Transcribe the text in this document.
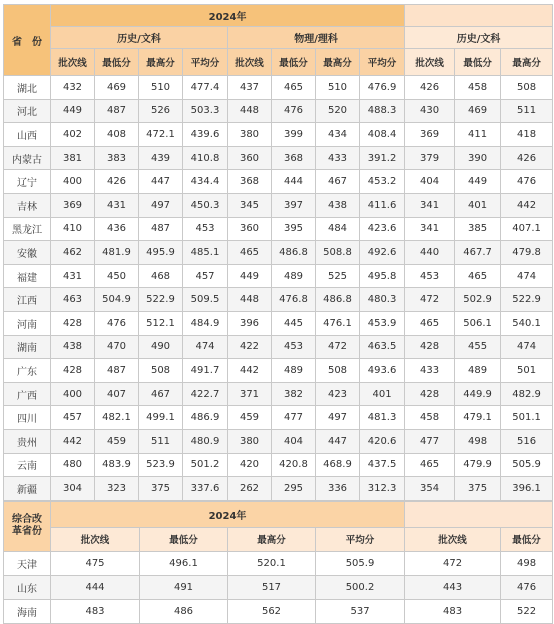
省　份	2024年										
	历史/文科				物理/理科				历史/文科		
	批次线	最低分	最高分	平均分	批次线	最低分	最高分	平均分	批次线	最低分	最高分
湖北	432	469	510	477.4	437	465	510	476.9	426	458	508
河北	449	487	526	503.3	448	476	520	488.3	430	469	511
山西	402	408	472.1	439.6	380	399	434	408.4	369	411	418
内蒙古	381	383	439	410.8	360	368	433	391.2	379	390	426
辽宁	400	426	447	434.4	368	444	467	453.2	404	449	476
吉林	369	431	497	450.3	345	397	438	411.6	341	401	442
黑龙江	410	436	487	453	360	395	484	423.6	341	385	407.1
安徽	462	481.9	495.9	485.1	465	486.8	508.8	492.6	440	467.7	479.8
福建	431	450	468	457	449	489	525	495.8	453	465	474
江西	463	504.9	522.9	509.5	448	476.8	486.8	480.3	472	502.9	522.9
河南	428	476	512.1	484.9	396	445	476.1	453.9	465	506.1	540.1
湖南	438	470	490	474	422	453	472	463.5	428	455	474
广东	428	487	508	491.7	442	489	508	493.6	433	489	501
广西	400	407	467	422.7	371	382	423	401	428	449.9	482.9
四川	457	482.1	499.1	486.9	459	477	497	481.3	458	479.1	501.1
贵州	442	459	511	480.9	380	404	447	420.6	477	498	516
云南	480	483.9	523.9	501.2	420	420.8	468.9	437.5	465	479.9	505.9
新疆	304	323	375	337.6	262	295	336	312.3	354	375	396.1
综合改
革省份	2024年					
	批次线	最低分	最高分	平均分	批次线	最低分
天津	475	496.1	520.1	505.9	472	498
山东	444	491	517	500.2	443	476
海南	483	486	562	537	483	522
